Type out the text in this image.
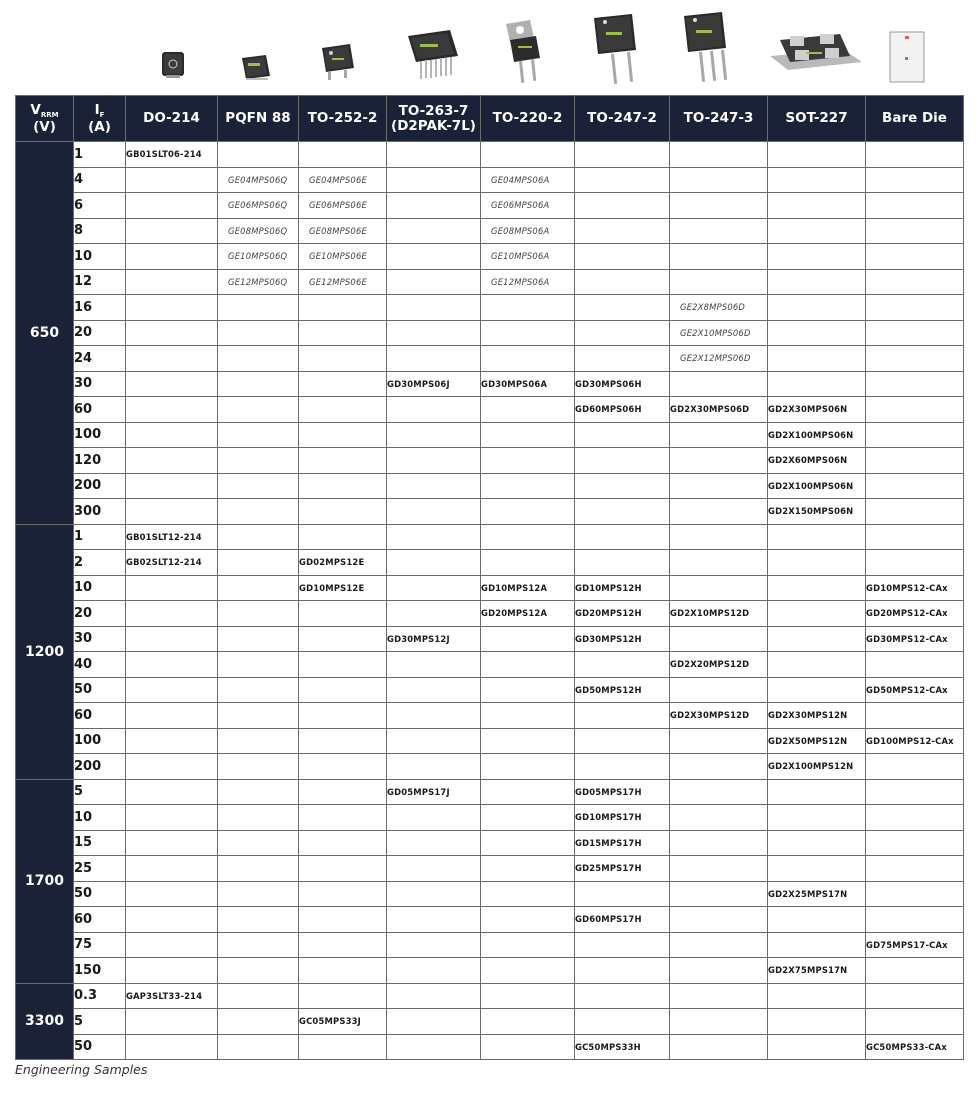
$V_{RRM}$
(V)	$I_F$
(A)	DO-214	PQFN 88	TO-252-2	TO-263-7
(D2PAK-7L)	TO-220-2	TO-247-2	TO-247-3	SOT-227	Bare Die
650	1	GB01SLT06-214								
	4		GE04MPS06Q	GE04MPS06E		GE04MPS06A				
	6		GE06MPS06Q	GE06MPS06E		GE06MPS06A				
	8		GE08MPS06Q	GE08MPS06E		GE08MPS06A				
	10		GE10MPS06Q	GE10MPS06E		GE10MPS06A				
	12		GE12MPS06Q	GE12MPS06E		GE12MPS06A				
	16							GE2X8MPS06D		
	20							GE2X10MPS06D		
	24							GE2X12MPS06D		
	30				GD30MPS06J	GD30MPS06A	GD30MPS06H			
	60						GD60MPS06H	GD2X30MPS06D	GD2X30MPS06N	
	100								GD2X100MPS06N	
	120								GD2X60MPS06N	
	200								GD2X100MPS06N	
	300								GD2X150MPS06N	
1200	1	GB01SLT12-214								
	2	GB02SLT12-214		GD02MPS12E						
	10			GD10MPS12E		GD10MPS12A	GD10MPS12H			GD10MPS12-CAx
	20					GD20MPS12A	GD20MPS12H	GD2X10MPS12D		GD20MPS12-CAx
	30				GD30MPS12J		GD30MPS12H			GD30MPS12-CAx
	40							GD2X20MPS12D		
	50						GD50MPS12H			GD50MPS12-CAx
	60							GD2X30MPS12D	GD2X30MPS12N	
	100								GD2X50MPS12N	GD100MPS12-CAx
	200								GD2X100MPS12N	
1700	5				GD05MPS17J		GD05MPS17H			
	10						GD10MPS17H			
	15						GD15MPS17H			
	25						GD25MPS17H			
	50								GD2X25MPS17N	
	60						GD60MPS17H			
	75									GD75MPS17-CAx
	150								GD2X75MPS17N	
3300	0.3	GAP3SLT33-214								
	5			GC05MPS33J						
	50						GC50MPS33H			GC50MPS33-CAx
Engineering Samples
